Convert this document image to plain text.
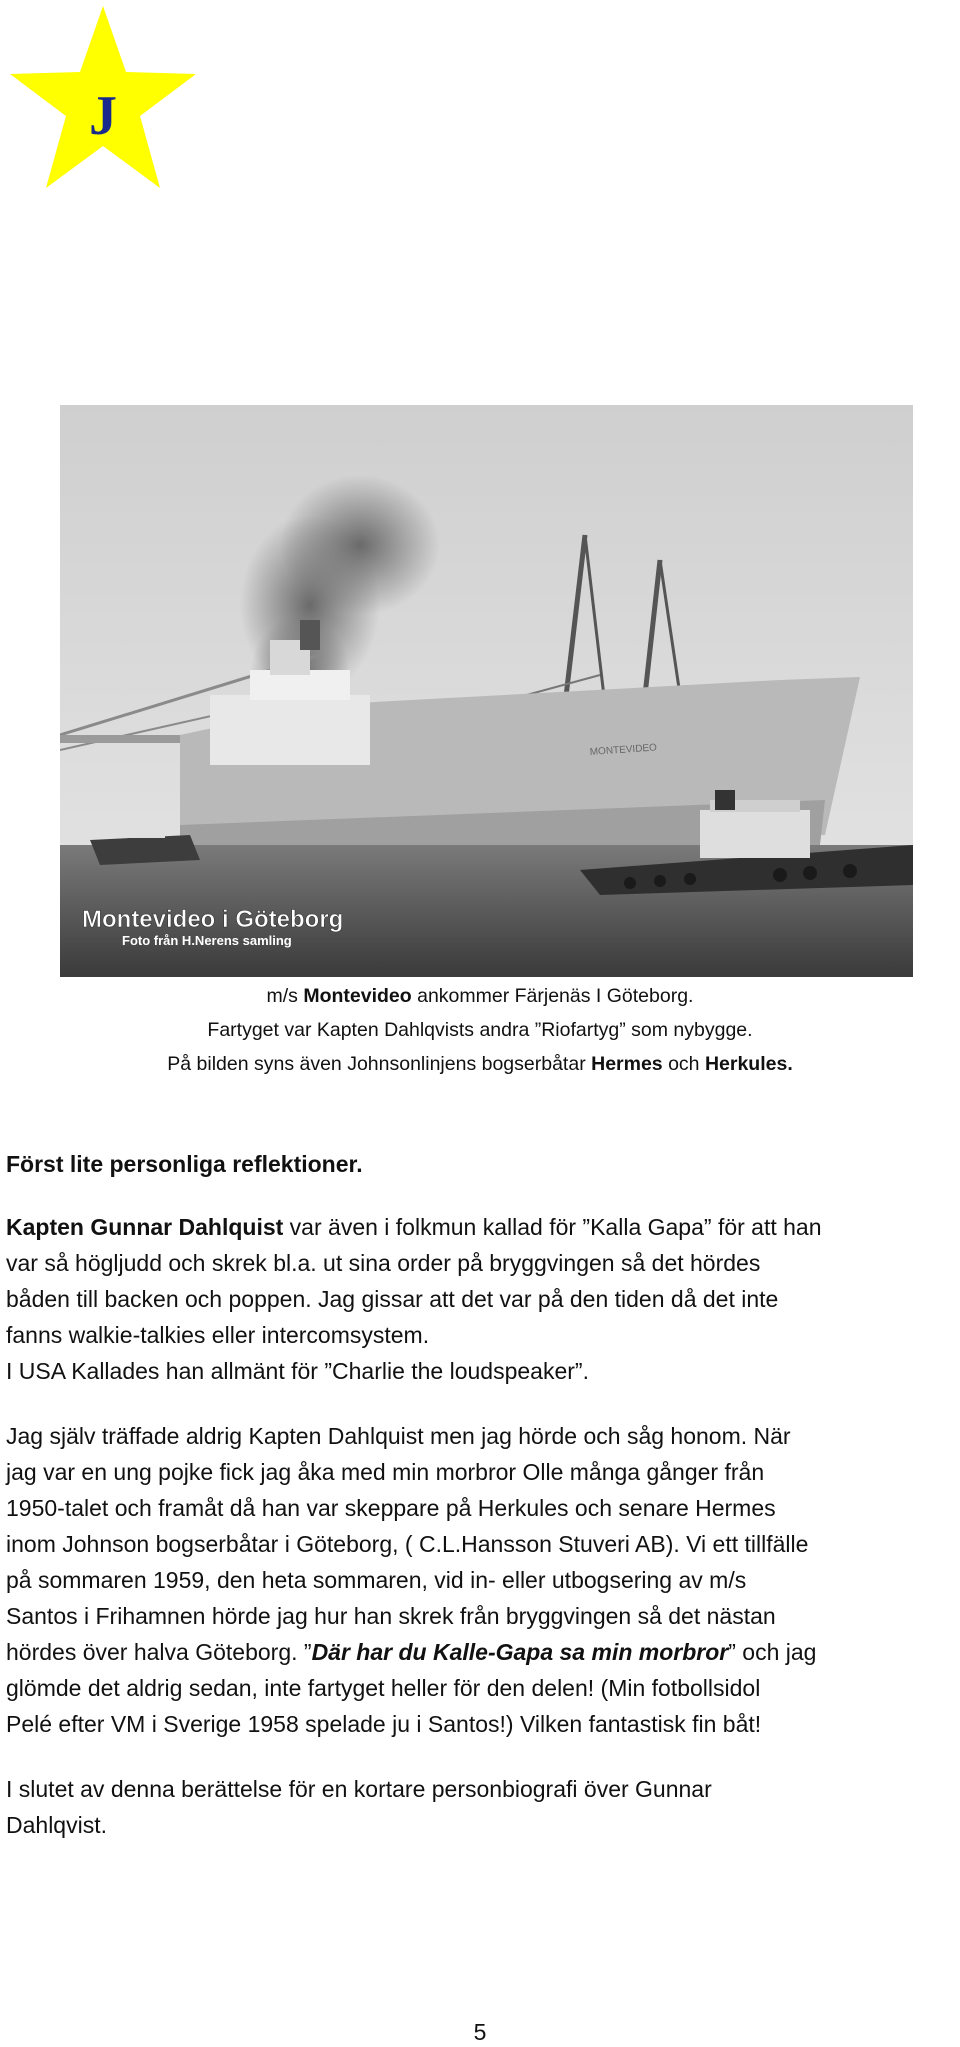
J
MONTEVIDEO
Montevideo i Göteborg
Foto från H.Nerens samling
m/s Montevideo ankommer Färjenäs I Göteborg.
Fartyget var Kapten Dahlqvists andra ”Riofartyg” som nybygge.
På bilden syns även Johnsonlinjens bogserbåtar Hermes och Herkules.
Först lite personliga reflektioner.
Kapten Gunnar Dahlquist var även i folkmun kallad för ”Kalla Gapa” för att han
var så högljudd och skrek bl.a. ut sina order på bryggvingen så det hördes
båden till backen och poppen. Jag gissar att det var på den tiden då det inte
fanns walkie-talkies eller intercomsystem.
I USA Kallades han allmänt för ”Charlie the loudspeaker”.
Jag själv träffade aldrig Kapten Dahlquist men jag hörde och såg honom. När
jag var en ung pojke fick jag åka med min morbror Olle många gånger från
1950-talet och framåt då han var skeppare på Herkules och senare Hermes
inom Johnson bogserbåtar i Göteborg, ( C.L.Hansson Stuveri AB). Vi ett tillfälle
på sommaren 1959, den heta sommaren, vid in- eller utbogsering av m/s
Santos i Frihamnen hörde jag hur han skrek från bryggvingen så det nästan
hördes över halva Göteborg. ”Där har du Kalle-Gapa sa min morbror” och jag
glömde det aldrig sedan, inte fartyget heller för den delen! (Min fotbollsidol
Pelé efter VM i Sverige 1958 spelade ju i Santos!) Vilken fantastisk fin båt!
I slutet av denna berättelse för en kortare personbiografi över Gunnar
Dahlqvist.
5
